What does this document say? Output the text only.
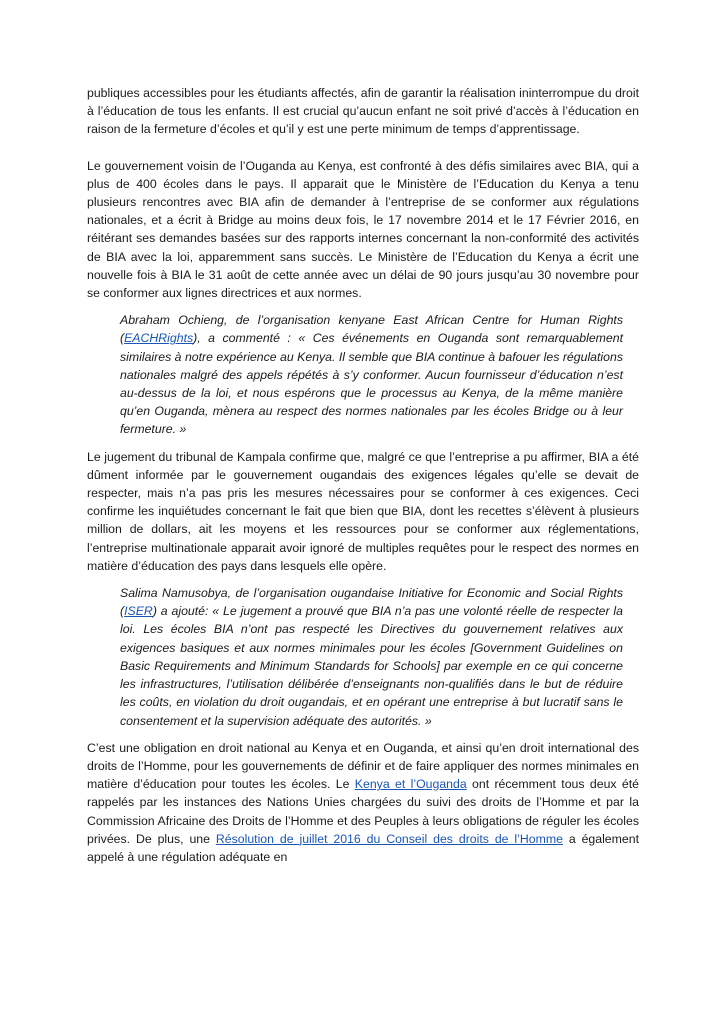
publiques accessibles pour les étudiants affectés, afin de garantir la réalisation ininterrompue du droit à l’éducation de tous les enfants. Il est crucial qu’aucun enfant ne soit privé d’accès à l’éducation en raison de la fermeture d’écoles et qu’il y est une perte minimum de temps d’apprentissage.

Le gouvernement voisin de l’Ouganda au Kenya, est confronté à des défis similaires avec BIA, qui a plus de 400 écoles dans le pays. Il apparait que le Ministère de l’Education du Kenya a tenu plusieurs rencontres avec BIA afin de demander à l’entreprise de se conformer aux régulations nationales, et a écrit à Bridge au moins deux fois, le 17 novembre 2014 et le 17 Février 2016, en réitérant ses demandes basées sur des rapports internes concernant la non-conformité des activités de BIA avec la loi, apparemment sans succès. Le Ministère de l’Education du Kenya a écrit une nouvelle fois à BIA le 31 août de cette année avec un délai de 90 jours jusqu’au 30 novembre pour se conformer aux lignes directrices et aux normes.

Abraham Ochieng, de l’organisation kenyane East African Centre for Human Rights (EACHRights), a commenté : « Ces événements en Ouganda sont remarquablement similaires à notre expérience au Kenya. Il semble que BIA continue à bafouer les régulations nationales malgré des appels répétés à s’y conformer. Aucun fournisseur d’éducation n’est au-dessus de la loi, et nous espérons que le processus au Kenya, de la même manière qu’en Ouganda, mènera au respect des normes nationales par les écoles Bridge ou à leur fermeture. »

Le jugement du tribunal de Kampala confirme que, malgré ce que l’entreprise a pu affirmer, BIA a été dûment informée par le gouvernement ougandais des exigences légales qu’elle se devait de respecter, mais n’a pas pris les mesures nécessaires pour se conformer à ces exigences. Ceci confirme les inquiétudes concernant le fait que bien que BIA, dont les recettes s’élèvent à plusieurs million de dollars, ait les moyens et les ressources pour se conformer aux réglementations, l’entreprise multinationale apparait avoir ignoré de multiples requêtes pour le respect des normes en matière d’éducation des pays dans lesquels elle opère.

Salima Namusobya, de l’organisation ougandaise Initiative for Economic and Social Rights (ISER) a ajouté: « Le jugement a prouvé que BIA n’a pas une volonté réelle de respecter la loi. Les écoles BIA n’ont pas respecté les Directives du gouvernement relatives aux exigences basiques et aux normes minimales pour les écoles [Government Guidelines on Basic Requirements and Minimum Standards for Schools] par exemple en ce qui concerne les infrastructures, l’utilisation délibérée d’enseignants non-qualifiés dans le but de réduire les coûts, en violation du droit ougandais, et en opérant une entreprise à but lucratif sans le consentement et la supervision adéquate des autorités. »

C’est une obligation en droit national au Kenya et en Ouganda, et ainsi qu’en droit international des droits de l’Homme, pour les gouvernements de définir et de faire appliquer des normes minimales en matière d’éducation pour toutes les écoles. Le Kenya et l’Ouganda ont récemment tous deux été rappelés par les instances des Nations Unies chargées du suivi des droits de l’Homme et par la Commission Africaine des Droits de l’Homme et des Peuples à leurs obligations de réguler les écoles privées. De plus, une Résolution de juillet 2016 du Conseil des droits de l’Homme a également appelé à une régulation adéquate en
